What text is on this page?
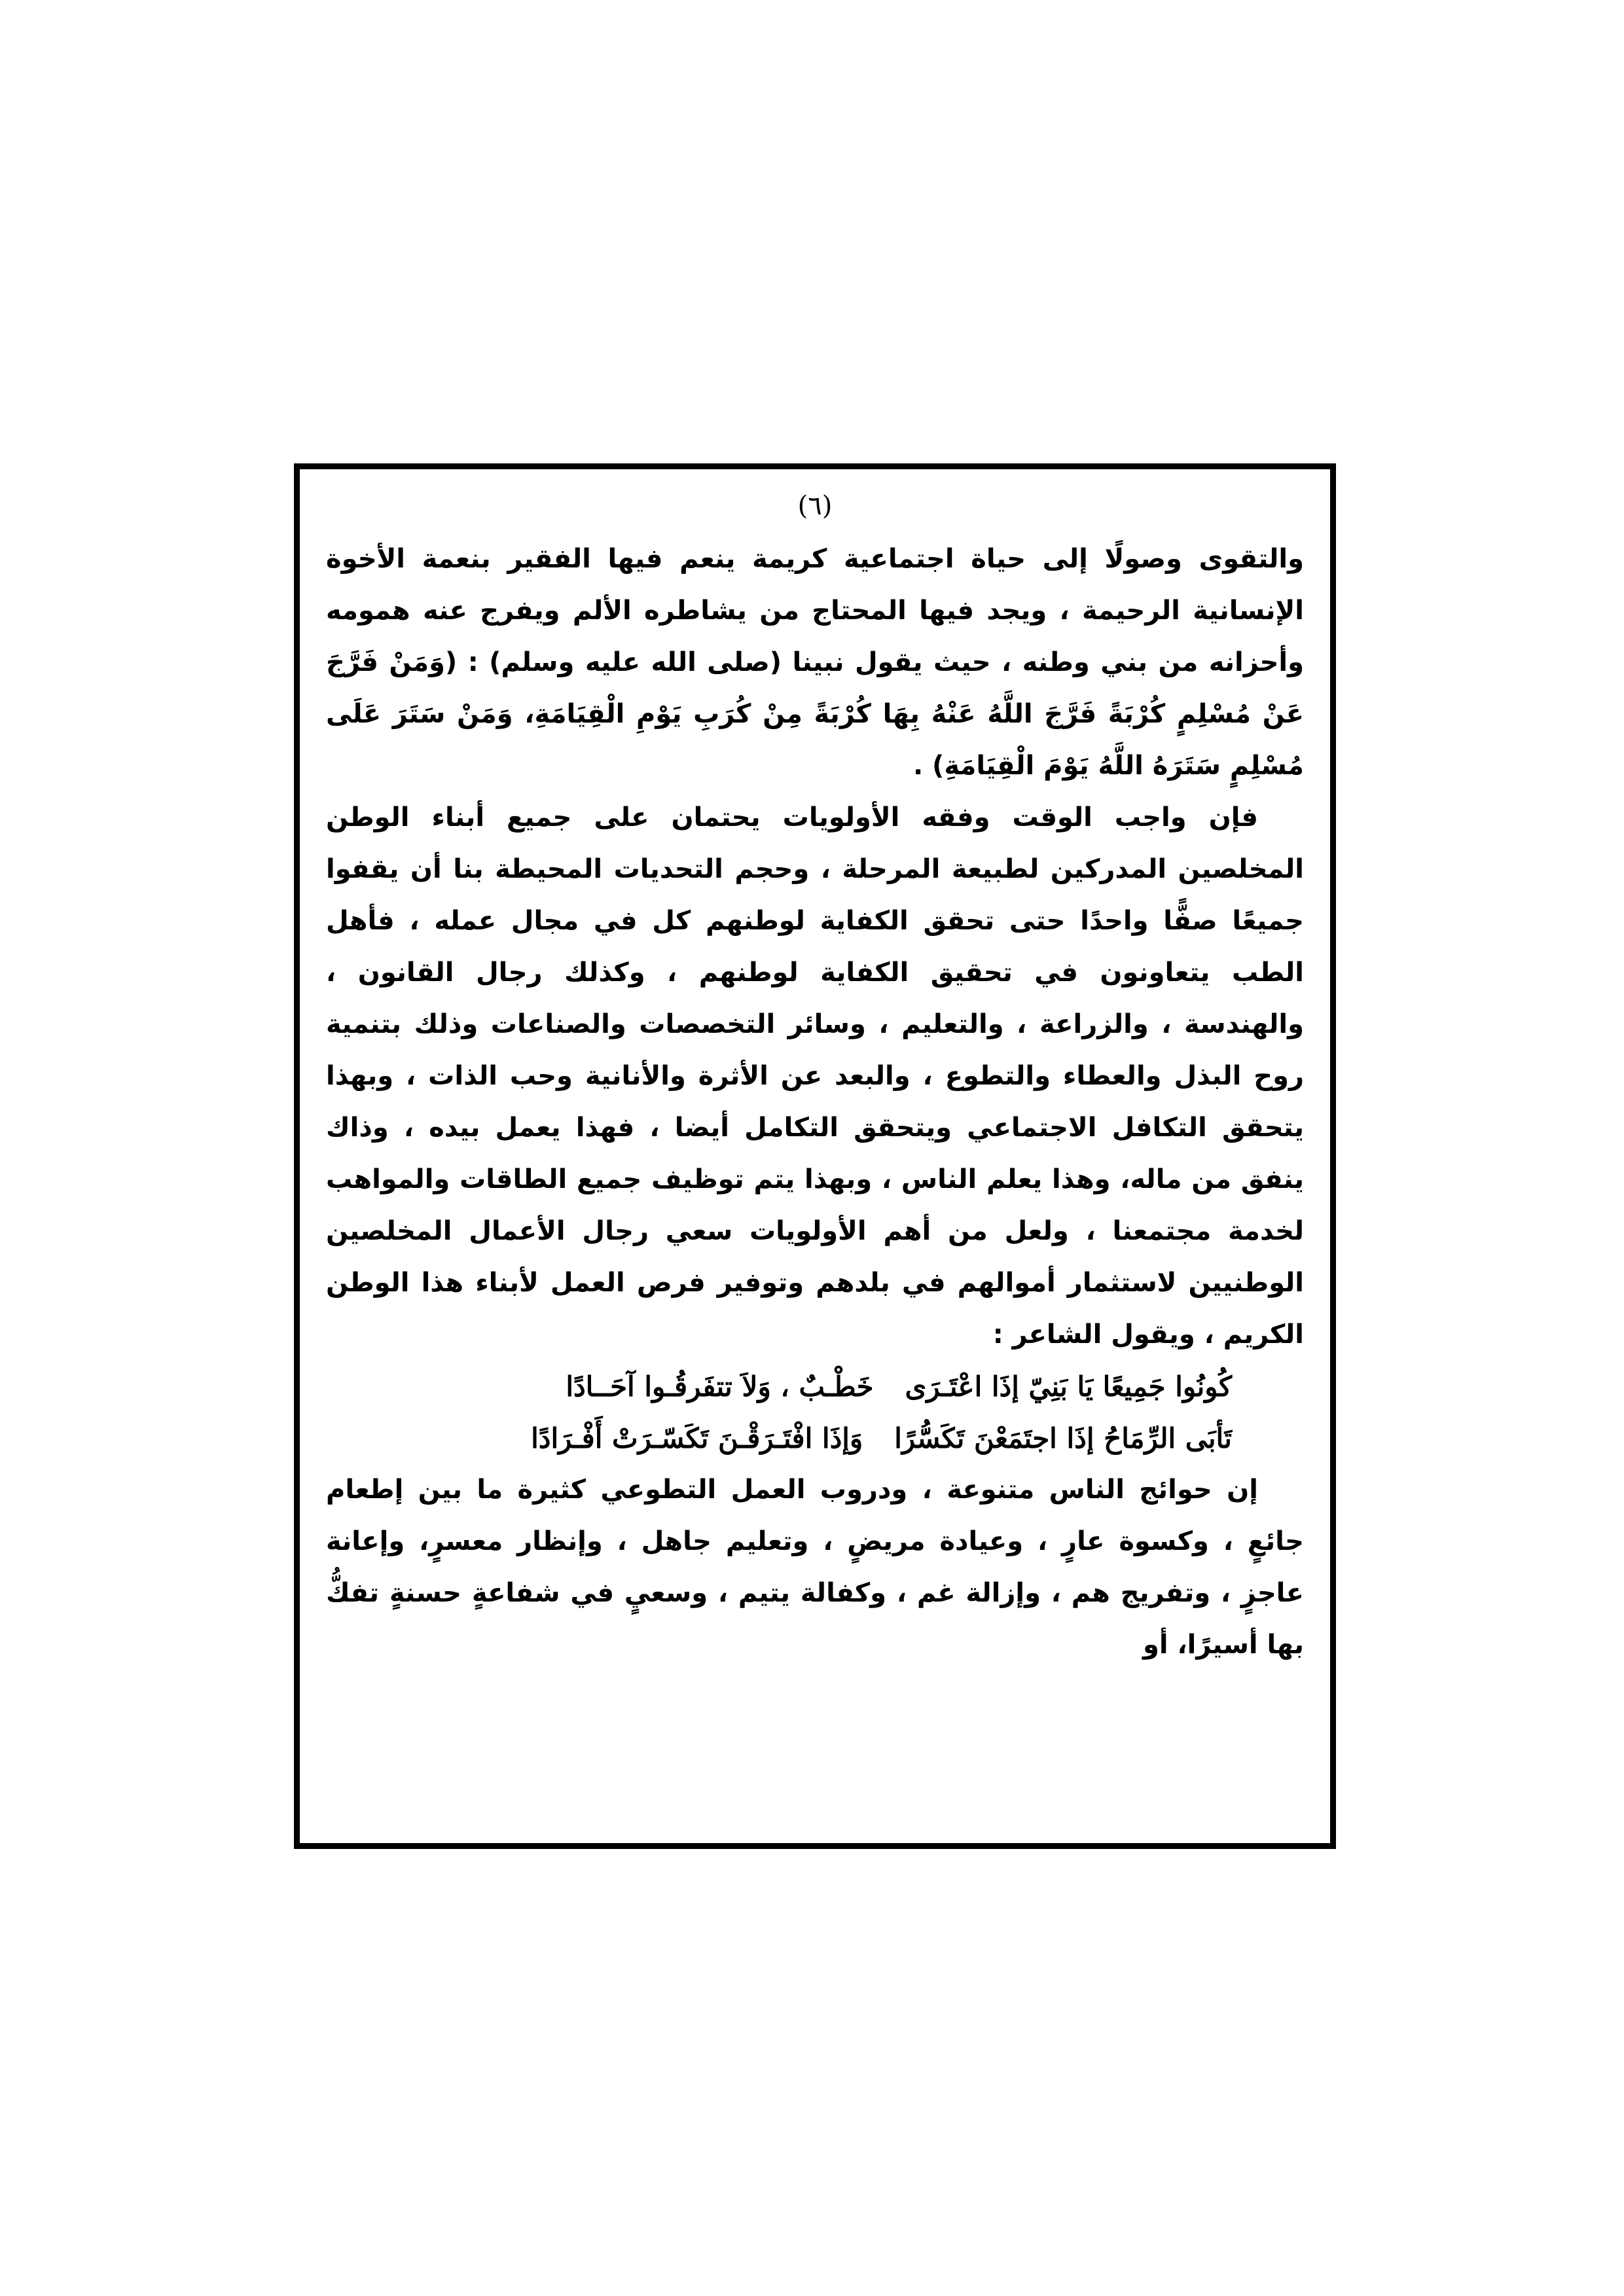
(٦)

والتقوى وصولًا إلى حياة اجتماعية كريمة ينعم فيها الفقير بنعمة الأخوة الإنسانية الرحيمة ، ويجد فيها المحتاج من يشاطره الألم ويفرج عنه همومه وأحزانه من بني وطنه ، حيث يقول نبينا (صلى الله عليه وسلم) : (وَمَنْ فَرَّجَ عَنْ مُسْلِمٍ كُرْبَةً فَرَّجَ اللَّهُ عَنْهُ بِهَا كُرْبَةً مِنْ كُرَبِ يَوْمِ الْقِيَامَةِ، وَمَنْ سَتَرَ عَلَى مُسْلِمٍ سَتَرَهُ اللَّهُ يَوْمَ الْقِيَامَةِ) .

فإن واجب الوقت وفقه الأولويات يحتمان على جميع أبناء الوطن المخلصين المدركين لطبيعة المرحلة ، وحجم التحديات المحيطة بنا أن يقفوا جميعًا صفًّا واحدًا حتى تحقق الكفاية لوطنهم كل في مجال عمله ، فأهل الطب يتعاونون في تحقيق الكفاية لوطنهم ، وكذلك رجال القانون ، والهندسة ، والزراعة ، والتعليم ، وسائر التخصصات والصناعات وذلك بتنمية روح البذل والعطاء والتطوع ، والبعد عن الأثرة والأنانية وحب الذات ، وبهذا يتحقق التكافل الاجتماعي ويتحقق التكامل أيضا ، فهذا يعمل بيده ، وذاك ينفق من ماله، وهذا يعلم الناس ، وبهذا يتم توظيف جميع الطاقات والمواهب لخدمة مجتمعنا ، ولعل من أهم الأولويات سعي رجال الأعمال المخلصين الوطنيين لاستثمار أموالهم في بلدهم وتوفير فرص العمل لأبناء هذا الوطن الكريم ، ويقول الشاعر :

كُونُوا جَمِيعًا يَا بَنِيّ إذَا اعْتَـرَىخَطْـبٌ ، وَلاَ تتفَرقُـوا آحَــادًا
تَأبَى الرِّمَاحُ إذَا اجتَمَعْنَ تَكَسُّرًاوَإذَا افْتَـرَقْـنَ تَكَسّـرَتْ أَفْـرَادًا

إن حوائج الناس متنوعة ، ودروب العمل التطوعي كثيرة ما بين إطعام جائعٍ ، وكسوة عارٍ ، وعيادة مريضٍ ، وتعليم جاهل ، وإنظار معسرٍ، وإعانة عاجزٍ ، وتفريج هم ، وإزالة غم ، وكفالة يتيم ، وسعيٍ في شفاعةٍ حسنةٍ تفكُّ بها أسيرًا، أو
